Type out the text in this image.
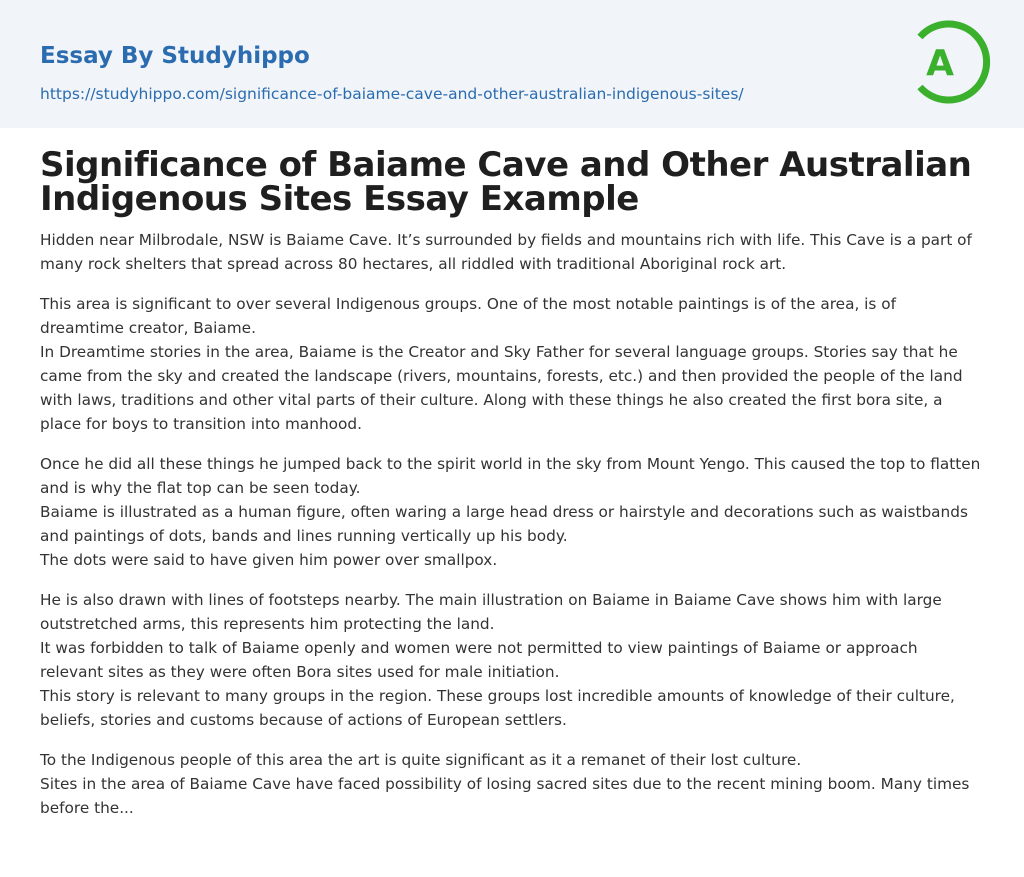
Essay By Studyhippo
https://studyhippo.com/significance-of-baiame-cave-and-other-australian-indigenous-sites/
A
Significance of Baiame Cave and Other Australian Indigenous Sites Essay Example

Hidden near Milbrodale, NSW is Baiame Cave. It’s surrounded by fields and mountains rich with life. This Cave is a part of many rock shelters that spread across 80 hectares, all riddled with traditional Aboriginal rock art.

This area is significant to over several Indigenous groups. One of the most notable paintings is of the area, is of dreamtime creator, Baiame.
In Dreamtime stories in the area, Baiame is the Creator and Sky Father for several language groups. Stories say that he came from the sky and created the landscape (rivers, mountains, forests, etc.) and then provided the people of the land with laws, traditions and other vital parts of their culture. Along with these things he also created the first bora site, a place for boys to transition into manhood.

Once he did all these things he jumped back to the spirit world in the sky from Mount Yengo. This caused the top to flatten and is why the flat top can be seen today.
Baiame is illustrated as a human figure, often waring a large head dress or hairstyle and decorations such as waistbands and paintings of dots, bands and lines running vertically up his body.
The dots were said to have given him power over smallpox.

He is also drawn with lines of footsteps nearby. The main illustration on Baiame in Baiame Cave shows him with large outstretched arms, this represents him protecting the land.
It was forbidden to talk of Baiame openly and women were not permitted to view paintings of Baiame or approach relevant sites as they were often Bora sites used for male initiation.
This story is relevant to many groups in the region. These groups lost incredible amounts of knowledge of their culture, beliefs, stories and customs because of actions of European settlers.

To the Indigenous people of this area the art is quite significant as it a remanet of their lost culture.
Sites in the area of Baiame Cave have faced possibility of losing sacred sites due to the recent mining boom. Many times before the...
